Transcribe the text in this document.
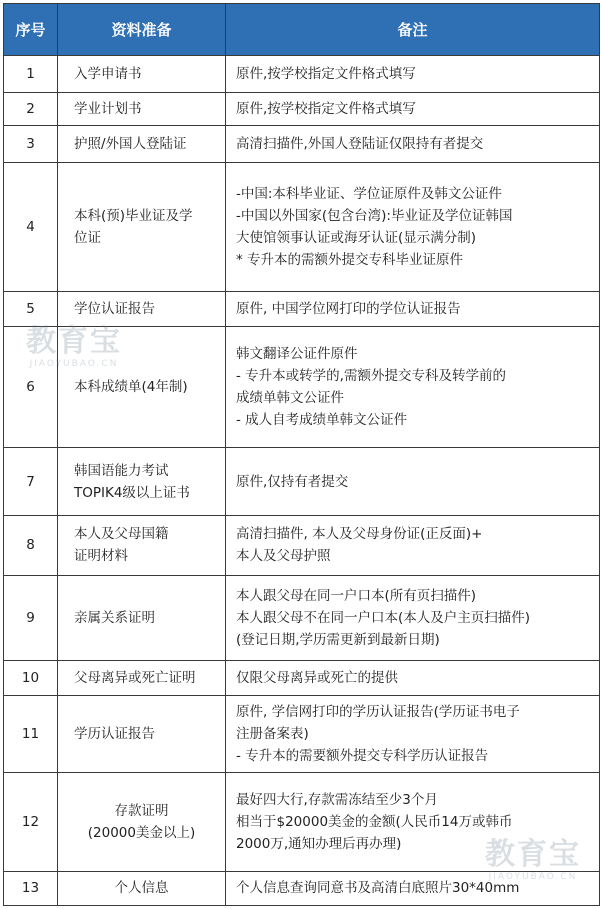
序号	资料准备	备注
1	入学申请书	原件,按学校指定文件格式填写

2	学业计划书	原件,按学校指定文件格式填写

3	护照/外国人登陆证	高清扫描件,外国人登陆证仅限持有者提交

4	本科(预)毕业证及学
位证	-中国:本科毕业证、学位证原件及韩文公证件
-中国以外国家(包含台湾):毕业证及学位证韩国
大使馆领事认证或海牙认证(显示满分制)
* 专升本的需额外提交专科毕业证原件

5	学位认证报告	原件, 中国学位网打印的学位认证报告

6	本科成绩单(4年制)	韩文翻译公证件原件
- 专升本或转学的,需额外提交专科及转学前的
成绩单韩文公证件
- 成人自考成绩单韩文公证件

7	韩国语能力考试
TOPIK4级以上证书	原件,仅持有者提交

8	本人及父母国籍
证明材料	高清扫描件, 本人及父母身份证(正反面)+
本人及父母护照

9	亲属关系证明	本人跟父母在同一户口本(所有页扫描件)
本人跟父母不在同一户口本(本人及户主页扫描件)
(登记日期,学历需更新到最新日期)

10	父母离异或死亡证明	仅限父母离异或死亡的提供

11	学历认证报告	原件, 学信网打印的学历认证报告(学历证书电子
注册备案表)
- 专升本的需要额外提交专科学历认证报告

12	存款证明
(20000美金以上)	最好四大行,存款需冻结至少3个月
相当于$20000美金的金额(人民币14万或韩币
2000万,通知办理后再办理)

13	个人信息	个人信息查询同意书及高清白底照片30*40mm
教育宝
JIAOYUBAO.CN
教育宝
JIAOYUBAO.CN
